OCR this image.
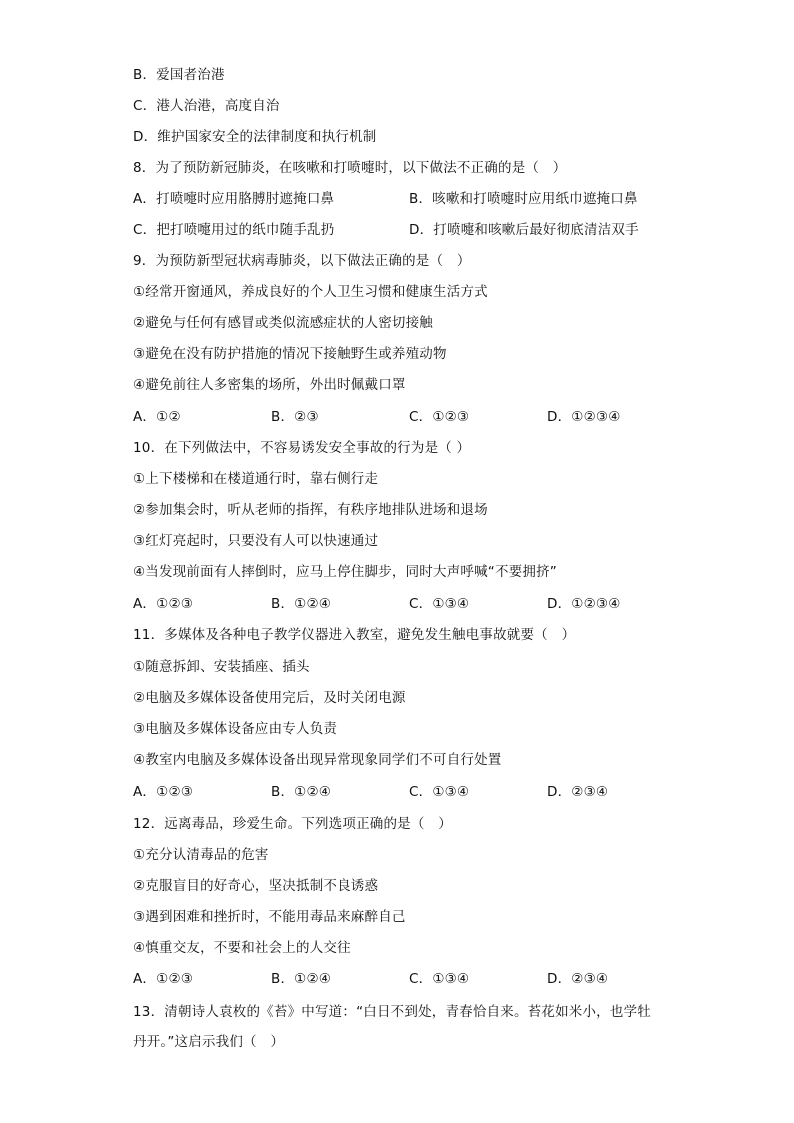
B．爱国者治港
C．港人治港，高度自治
D．维护国家安全的法律制度和执行机制
8．为了预防新冠肺炎，在咳嗽和打喷嚏时，以下做法不正确的是（　）
A．打喷嚏时应用胳膊肘遮掩口鼻	B．咳嗽和打喷嚏时应用纸巾遮掩口鼻
C．把打喷嚏用过的纸巾随手乱扔	D．打喷嚏和咳嗽后最好彻底清洁双手
9．为预防新型冠状病毒肺炎，以下做法正确的是（　）
①经常开窗通风，养成良好的个人卫生习惯和健康生活方式
②避免与任何有感冒或类似流感症状的人密切接触
③避免在没有防护措施的情况下接触野生或养殖动物
④避免前往人多密集的场所，外出时佩戴口罩
A．①②	B．②③	C．①②③	D．①②③④
10．在下列做法中，不容易诱发安全事故的行为是（ ）
①上下楼梯和在楼道通行时，靠右侧行走
②参加集会时，听从老师的指挥，有秩序地排队进场和退场
③红灯亮起时，只要没有人可以快速通过
④当发现前面有人摔倒时，应马上停住脚步，同时大声呼喊“不要拥挤”
A．①②③	B．①②④	C．①③④	D．①②③④
11．多媒体及各种电子教学仪器进入教室，避免发生触电事故就要（　）
①随意拆卸、安装插座、插头
②电脑及多媒体设备使用完后，及时关闭电源
③电脑及多媒体设备应由专人负责
④教室内电脑及多媒体设备出现异常现象同学们不可自行处置
A．①②③	B．①②④	C．①③④	D．②③④
12．远离毒品，珍爱生命。下列选项正确的是（　）
①充分认清毒品的危害
②克服盲目的好奇心，坚决抵制不良诱惑
③遇到困难和挫折时，不能用毒品来麻醉自己
④慎重交友，不要和社会上的人交往
A．①②③	B．①②④	C．①③④	D．②③④
13．清朝诗人袁枚的《苔》中写道：“白日不到处，青春恰自来。苔花如米小，也学牡
丹开。”这启示我们（　）
